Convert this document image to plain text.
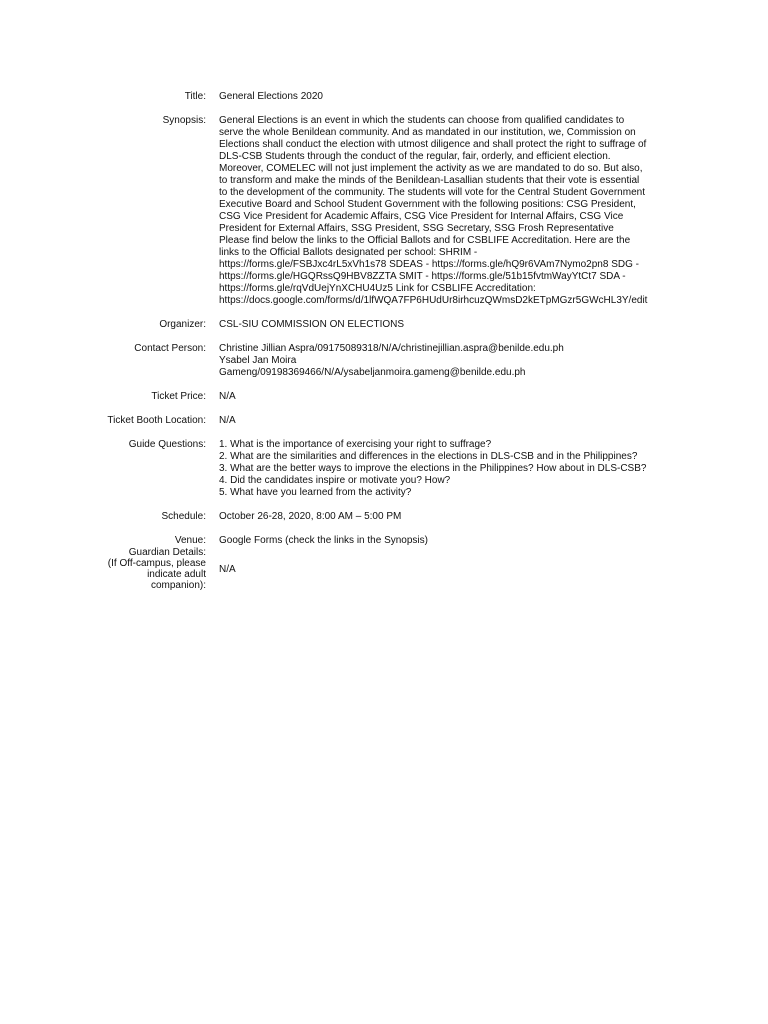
Title: General Elections 2020
Synopsis: General Elections is an event in which the students can choose from qualified candidates to serve the whole Benildean community. And as mandated in our institution, we, Commission on Elections shall conduct the election with utmost diligence and shall protect the right to suffrage of DLS-CSB Students through the conduct of the regular, fair, orderly, and efficient election. Moreover, COMELEC will not just implement the activity as we are mandated to do so. But also, to transform and make the minds of the Benildean-Lasallian students that their vote is essential to the development of the community. The students will vote for the Central Student Government Executive Board and School Student Government with the following positions: CSG President, CSG Vice President for Academic Affairs, CSG Vice President for Internal Affairs, CSG Vice President for External Affairs, SSG President, SSG Secretary, SSG Frosh Representative Please find below the links to the Official Ballots and for CSBLIFE Accreditation. Here are the links to the Official Ballots designated per school: SHRIM - https://forms.gle/FSBJxc4rL5xVh1s78 SDEAS - https://forms.gle/hQ9r6VAm7Nymo2pn8 SDG - https://forms.gle/HGQRssQ9HBV8ZZTA SMIT - https://forms.gle/51b15fvtmWayYtCt7 SDA - https://forms.gle/rqVdUejYnXCHU4Uz5 Link for CSBLIFE Accreditation: https://docs.google.com/forms/d/1lfWQA7FP6HUdUr8irhcuzQWmsD2kETpMGzr5GWcHL3Y/edit
Organizer: CSL-SIU COMMISSION ON ELECTIONS
Contact Person: Christine Jillian Aspra/09175089318/N/A/christinejillian.aspra@benilde.edu.ph
Ysabel Jan Moira
Gameng/09198369466/N/A/ysabeljanmoira.gameng@benilde.edu.ph
Ticket Price: N/A
Ticket Booth Location: N/A
Guide Questions: 1. What is the importance of exercising your right to suffrage?
2. What are the similarities and differences in the elections in DLS-CSB and in the Philippines?
3. What are the better ways to improve the elections in the Philippines? How about in DLS-CSB?
4. Did the candidates inspire or motivate you? How?
5. What have you learned from the activity?
Schedule: October 26-28, 2020, 8:00 AM – 5:00 PM
Venue: Google Forms (check the links in the Synopsis)
Guardian Details:
(If Off-campus, please
indicate adult
companion):
N/A
